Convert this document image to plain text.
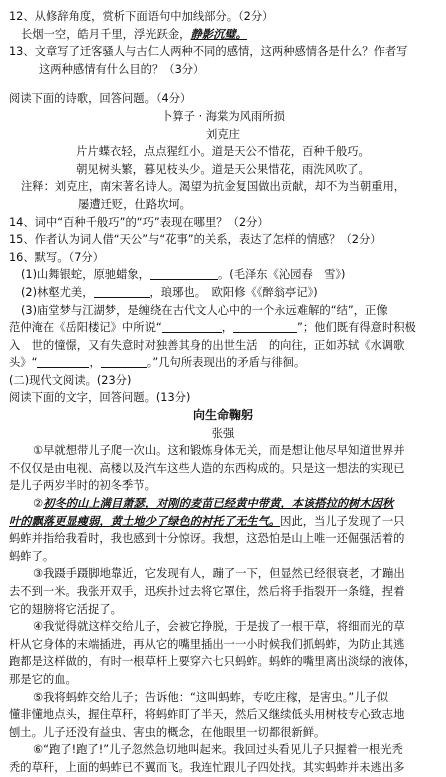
12、从修辞角度，赏析下面语句中加线部分。（2分）
长烟一空，皓月千里，浮光跃金，静影沉璧。
13、文章写了迁客骚人与古仁人两种不同的感情，这两种感情各是什么？作者写
这两种感情有什么目的？（3分）
阅读下面的诗歌，回答问题。（4分）
卜算子 · 海棠为风雨所损
刘克庄
片片蝶衣轻，点点猩红小。道是天公不惜花，百种千般巧。
朝见树头繁，暮见枝头少。道是天公果惜花，雨洗风吹了。
注释：刘克庄，南宋著名诗人。渴望为抗金复国做出贡献，却不为当朝重用，
屡遭迁贬，仕路坎坷。
14、词中“百种千般巧”的“巧”表现在哪里？（2分）
15、作者认为词人借“天公”与“花事”的关系，表达了怎样的情感？（2分）
16、默写。（7分）
(1)山舞银蛇，原驰蜡象，	。(毛泽东《沁园春　雪》)
(2)林壑尤美，	，琅琊也。　欧阳修《《醉翁亭记》)
(3)庙堂梦与江湖梦，是缠绕在古代文人心中的一个永远难解的“结”，正像
范仲淹在《岳阳楼记》中所说“	，	”；他们既有得意时积极
入　世的憧憬，又有失意时对独善其身的出世生活　的向往，正如苏轼《水调歌
头》“	，	。”几句所表现出的矛盾与徘徊。
(二)现代文阅读。(23分)
阅读下面的文字，回答问题。(13分)
向生命鞠躬
张强
①早就想带儿子爬一次山。这和锻炼身体无关，而是想让他尽早知道世界并
不仅仅是由电视、高楼以及汽车这些人造的东西构成的。只是这一想法的实现已
是儿子两岁半时的初冬季节。
②初冬的山上满目萧瑟，对刚的麦苗已经黄中带黄，本该搭拉的树木因秋
叶的飘落更显瘦弱，黄土地少了绿色的衬托了无生气。因此，当儿子发现了一只
蚂蚱并指给我看时，我也感到十分惊讶。我想，这恐怕是山上唯一还倔强活着的
蚂蚱了。
③我蹑手蹑脚地靠近，它发现有人，蹦了一下，但显然已经很衰老，才蹦出
去不到一米。我张开双手，迅疾扑过去将它罩住，然后将手指裂开一条缝，捏着
它的翅膀将它活捉了。
④我觉得就这样交给儿子，会被它挣脱，于是拔了一根干草，将细而光的草
杆从它身体的末端插进，再从它的嘴里插出一一小时候我们抓蚂蚱，为防止其逃
跑都是这样做的，有时一根草杆上要穿六七只蚂蚱。蚂蚱的嘴里离出淡绿的液体，
那是它的血。
⑤我将蚂蚱交给儿子；告诉他：“这叫蚂蚱，专吃庄稼，是害虫。”儿子似
懂非懂地点头，握住草秆，将蚂蚱盯了半天，然后又继续低头用树枝专心致志地
刨土。儿子还没有益虫、害虫的概念，在他眼里一切都很新鲜。
⑥“跑了!跑了!”儿子忽然急切地叫起来。我回过头看见儿子只握着一根光秃
秃的草秆，上面的蚂蚱已不翼而飞。我连忙跟儿子四处找。其实蚂蚱并未逃出多
